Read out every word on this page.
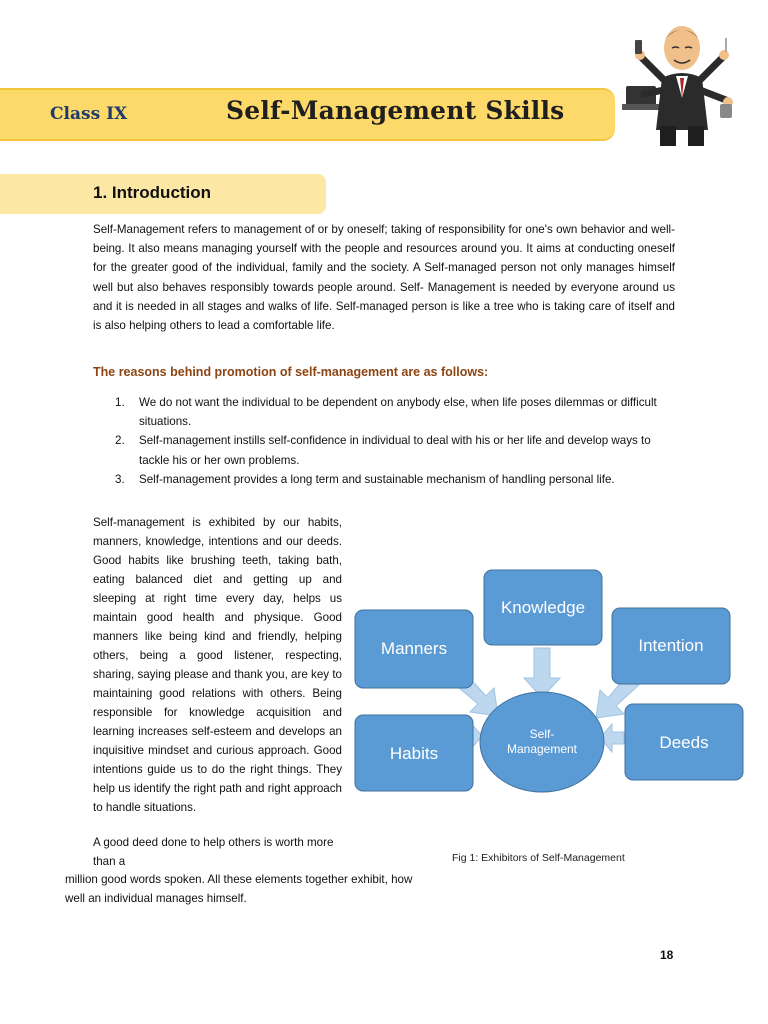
Class IX	Self-Management Skills
1. Introduction

Self-Management refers to management of or by oneself; taking of responsibility for one's own behavior and well-being. It also means managing yourself with the people and resources around you. It aims at conducting oneself for the greater good of the individual, family and the society. A Self-managed person not only manages himself well but also behaves responsibly towards people around. Self- Management is needed by everyone around us and it is needed in all stages and walks of life. Self-managed person is like a tree who is taking care of itself and is also helping others to lead a comfortable life.

The reasons behind promotion of self-management are as follows:
1. We do not want the individual to be dependent on anybody else, when life poses dilemmas or difficult situations.
2. Self-management instills self-confidence in individual to deal with his or her life and develop ways to tackle his or her own problems.
3. Self-management provides a long term and sustainable mechanism of handling personal life.

Self-management is exhibited by our habits, manners, knowledge, intentions and our deeds. Good habits like brushing teeth, taking bath, eating balanced diet and getting up and sleeping at right time every day, helps us maintain good health and physique. Good manners like being kind and friendly, helping others, being a good listener, respecting, sharing, saying please and thank you, are key to maintaining good relations with others. Being responsible for knowledge acquisition and learning increases self-esteem and develops an inquisitive mindset and curious approach. Good intentions guide us to do the right things. They help us identify the right path and right approach to handle situations.

A good deed done to help others is worth more than a

million good words spoken. All these elements together exhibit, how well an individual manages himself.

Self-
Management
Knowledge
Manners	Intention
Habits
Deeds
Fig 1: Exhibitors of Self-Management
18
